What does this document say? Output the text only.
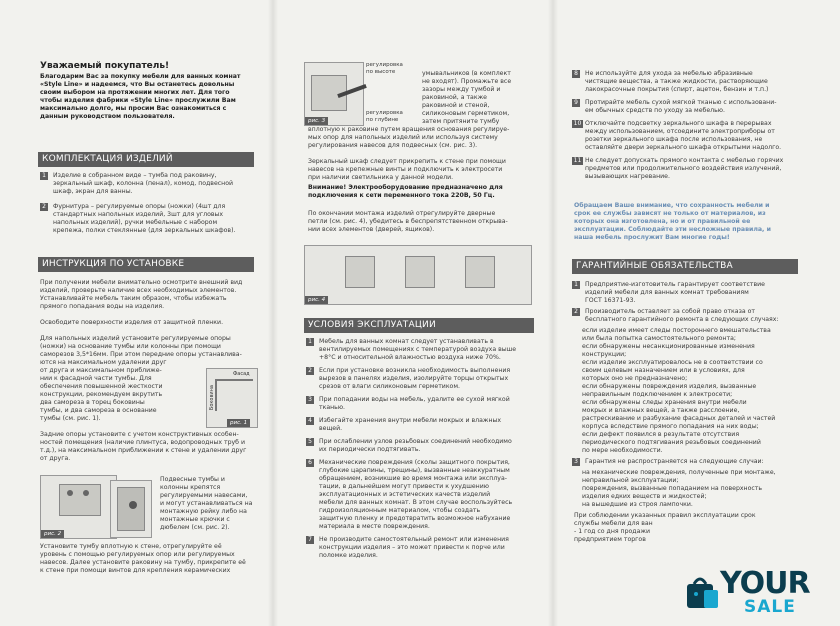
Уважаемый покупатель!
Благодарим Вас за покупку мебели для ванных комнат
«Style Line» и надеемся, что Вы останетесь довольны
своим выбором на протяжении многих лет. Для того
чтобы изделия фабрики «Style Line» прослужили Вам
максимально долго, мы просим Вас ознакомиться с
данным руководством пользователя.
КОМПЛЕКТАЦИЯ ИЗДЕЛИЙ
1	Изделие в собранном виде – тумба под раковину,
зеркальный шкаф, колонна (пенал), комод, подвесной
шкаф, экран для ванны.
2	Фурнитура – регулируемые опоры (ножки) (4шт для
стандартных напольных изделий, 3шт для угловых
напольных изделий), ручки мебельные с набором
крепежа, полки стеклянные (для зеркальных шкафов).
ИНСТРУКЦИЯ ПО УСТАНОВКЕ
При получении мебели внимательно осмотрите внешний вид
изделий, проверьте наличие всех необходимых элементов.
Устанавливайте мебель таким образом, чтобы избежать
прямого попадания воды на изделия.
Освободите поверхности изделия от защитной пленки.
Для напольных изделий установите регулируемые опоры
(ножки) на основание тумбы или колонны при помощи
саморезов 3,5*16мм. При этом передние опоры устанавлива-
ются на максимальном удалении друг
от друга и максимальном приближе-
нии к фасадной части тумбы. Для
обеспечения повышенной жесткости
конструкции, рекомендуем вкрутить
два самореза в торец боковины
тумбы, и два самореза в основание
тумбы (см. рис. 1).
Задние опоры установите с учетом конструктивных особен-
ностей помещения (наличие плинтуса, водопроводных труб и
т.д.), на максимальном приближении к стене и удалении друг
от друга.
Фасад
Боковина
рис. 1
рис. 2
Подвесные тумбы и
колонны крепятся
регулируемыми навесами,
и могут устанавливаться на
монтажную рейку либо на
монтажные крючки с
дюбелем (см. рис. 2).
Установите тумбу вплотную к стене, отрегулируйте её
уровень с помощью регулируемых опор или регулируемых
навесов. Далее установите раковину на тумбу, прикрепите её
к стене при помощи винтов для крепления керамических
рис. 3
регулировка
по высоте
регулировка
по глубине
умывальников (в комплект
не входят). Промажьте все
зазоры между тумбой и
раковиной, а также
раковиной и стеной,
силиконовым герметиком,
затем притяните тумбу
вплотную к раковине путем вращения основания регулируе-
мых опор для напольных изделий или используя систему
регулирования навесов для подвесных (см. рис. 3).
Зеркальный шкаф следует прикрепить к стене при помощи
навесов на крепежные винты и подключить к электросети
при наличии светильника у данной модели.
Внимание! Электрооборудование предназначено для
подключения к сети переменного тока 220В, 50 Гц.
По окончании монтажа изделий отрегулируйте дверные
петли (см. рис. 4), убедитесь в беспрепятственном открыва-
нии всех элементов (дверей, ящиков).
рис. 4
УСЛОВИЯ ЭКСПЛУАТАЦИИ
1	Мебель для ванных комнат следует устанавливать в
вентилируемых помещениях с температурой воздуха выше
+8°С и относительной влажностью воздуха ниже 70%.
2	Если при установке возникла необходимость выполнения
вырезов в панелях изделия, изолируйте торцы открытых
срезов от влаги силиконовым герметиком.
3	При попадании воды на мебель, удалите ее сухой мягкой
тканью.
4	Избегайте хранения внутри мебели мокрых и влажных
вещей.
5	При ослаблении узлов резьбовых соединений необходимо
их периодически подтягивать.
6	Механические повреждения (сколы защитного покрытия,
глубокие царапины, трещины), вызванные неаккуратным
обращением, возникшие во время монтажа или эксплуа-
тации, в дальнейшем могут привести к ухудшению
эксплуатационных и эстетических качеств изделий
мебели для ванных комнат. В этом случае воспользуйтесь
гидроизоляционным материалом, чтобы создать
защитную пленку и предотвратить возможное набухание
материала в месте повреждения.
7	Не производите самостоятельный ремонт или изменения
конструкции изделия – это может привести к порче или
поломке изделия.
8	Не используйте для ухода за мебелью абразивные
чистящие вещества, а также жидкости, растворяющие
лакокрасочные покрытия (спирт, ацетон, бензин и т.п.)
9	Протирайте мебель сухой мягкой тканью с использовани-
ем обычных средств по уходу за мебелью.
10 Отключайте подсветку зеркального шкафа в перерывах
между использованием, отсоедините электроприборы от
розетки зеркального шкафа после использования, не
оставляйте двери зеркального шкафа открытыми надолго.
11 Не следует допускать прямого контакта с мебелью горячих
предметов или продолжительного воздействия излучений,
вызывающих нагревание.
Обращаем Ваше внимание, что сохранность мебели и
срок ее службы зависят не только от материалов, из
которых она изготовлена, но и от правильной ее
эксплуатации. Соблюдайте эти несложные правила, и
наша мебель прослужит Вам многие годы!
ГАРАНТИЙНЫЕ ОБЯЗАТЕЛЬСТВА
1	Предприятие-изготовитель гарантирует соответствие
изделий мебели для ванных комнат требованиям
ГОСТ 16371-93.
2	Производитель оставляет за собой право отказа от
бесплатного гарантийного ремонта в следующих случаях:
если изделие имеет следы постороннего вмешательства
или была попытка самостоятельного ремонта;
если обнаружены несанкционированные изменения
конструкции;
если изделие эксплуатировалось не в соответствии со
своим целевым назначением или в условиях, для
которых оно не предназначено;
если обнаружены повреждения изделия, вызванные
неправильным подключением к электросети;
если обнаружены следы хранения внутри мебели
мокрых и влажных вещей, а также расслоение,
растрескивание и разбухание фасадных деталей и частей
корпуса вследствие прямого попадания на них воды;
если дефект появился в результате отсутствия
периодического подтягивания резьбовых соединений
по мере необходимости.
3	Гарантия не распространяется на следующие случаи:
на механические повреждения, полученные при монтаже,
неправильной эксплуатации;
повреждения, вызванные попаданием на поверхность
изделия едких веществ и жидкостей;
на вышедшие из строя лампочки.
При соблюдении указанных правил эксплуатации срок
службы мебели для ван
- 1 год со дня продажи
предприятием торгов
YOUR
SALE
